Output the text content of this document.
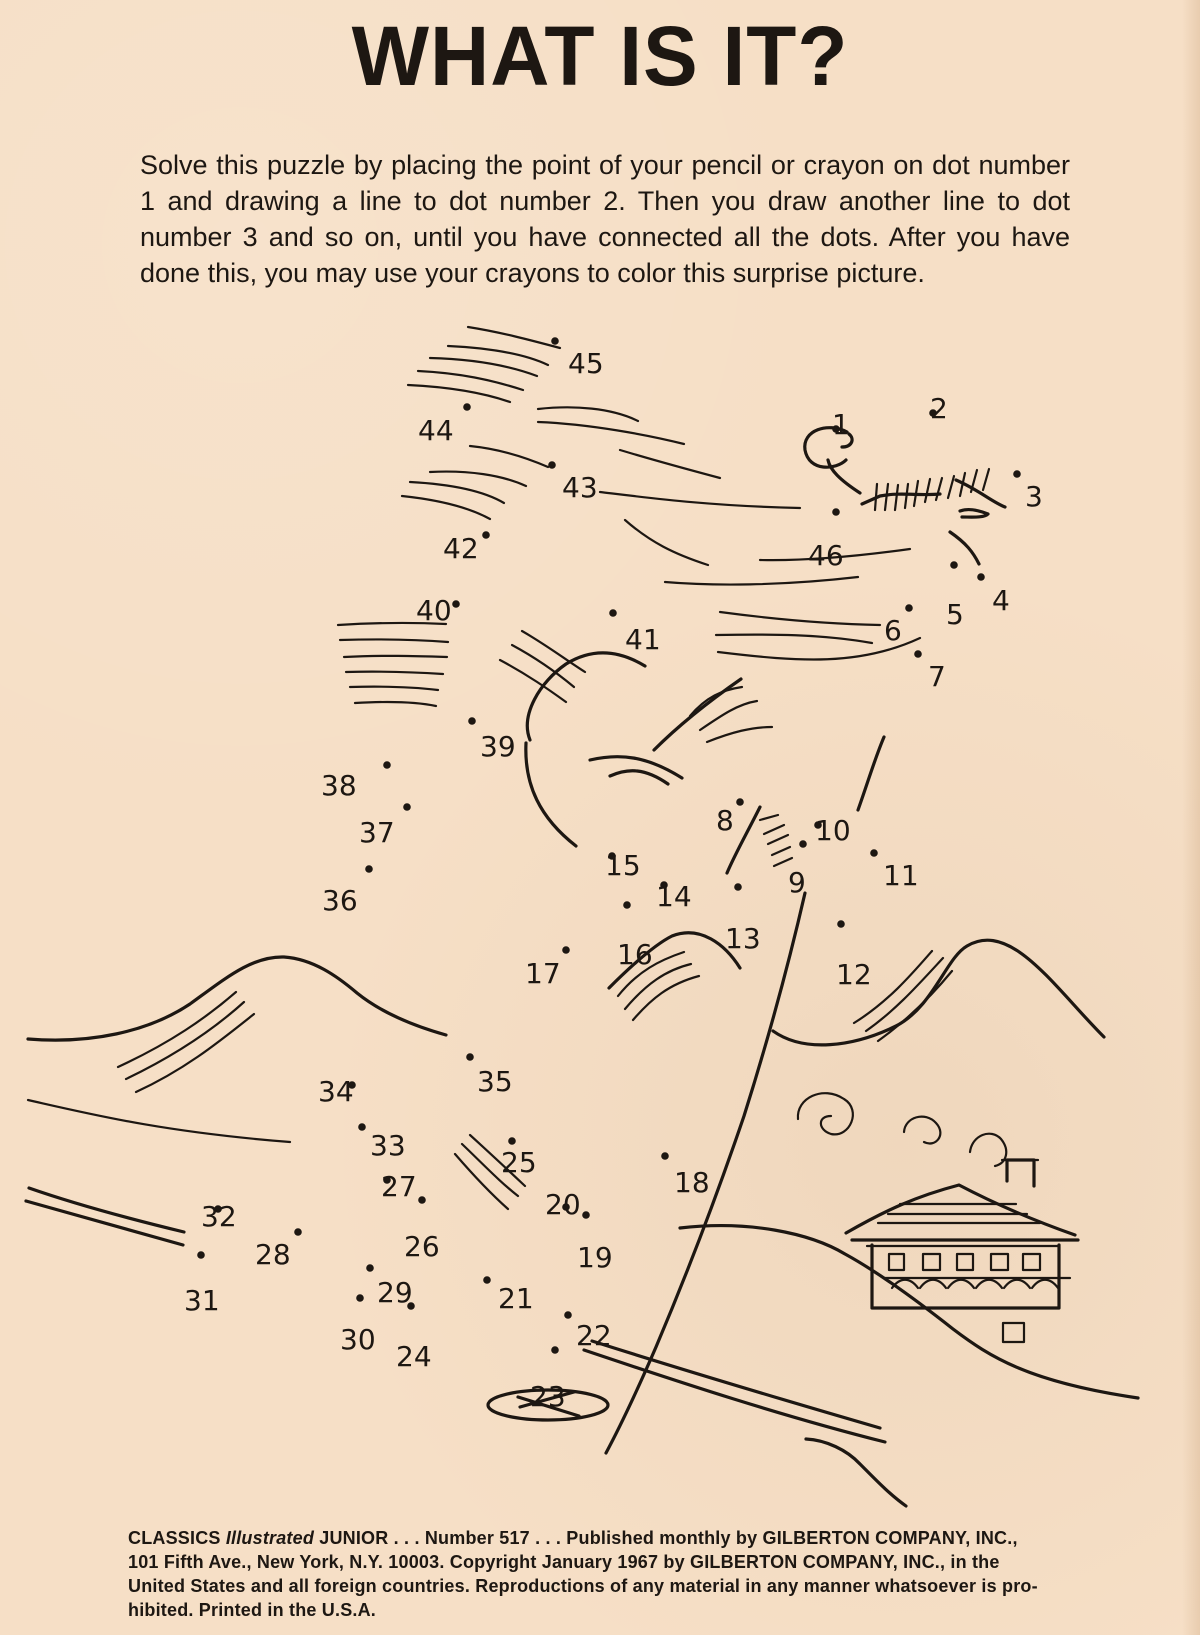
WHAT IS IT?

Solve this puzzle by placing the point of your pencil or crayon on dot number 1 and drawing a line to dot number 2. Then you draw another line to dot number 3 and so on, until you have connected all the dots. After you have done this, you may use your crayons to color this surprise picture.

1	2
3
4
5
6
7
8
9
10
11
12
13
14
15
16
17
18
19
20
21
22
23
24
25
26
27
28
29
30
31
32
33
34	35
36
37
38
39
40
41
42
43
44
45
46
CLASSICS Illustrated JUNIOR . . . Number 517 . . . Published monthly by GILBERTON COMPANY, INC.,
101 Fifth Ave., New York, N.Y. 10003. Copyright January 1967 by GILBERTON COMPANY, INC., in the
United States and all foreign countries. Reproductions of any material in any manner whatsoever is pro-
hibited. Printed in the U.S.A.
